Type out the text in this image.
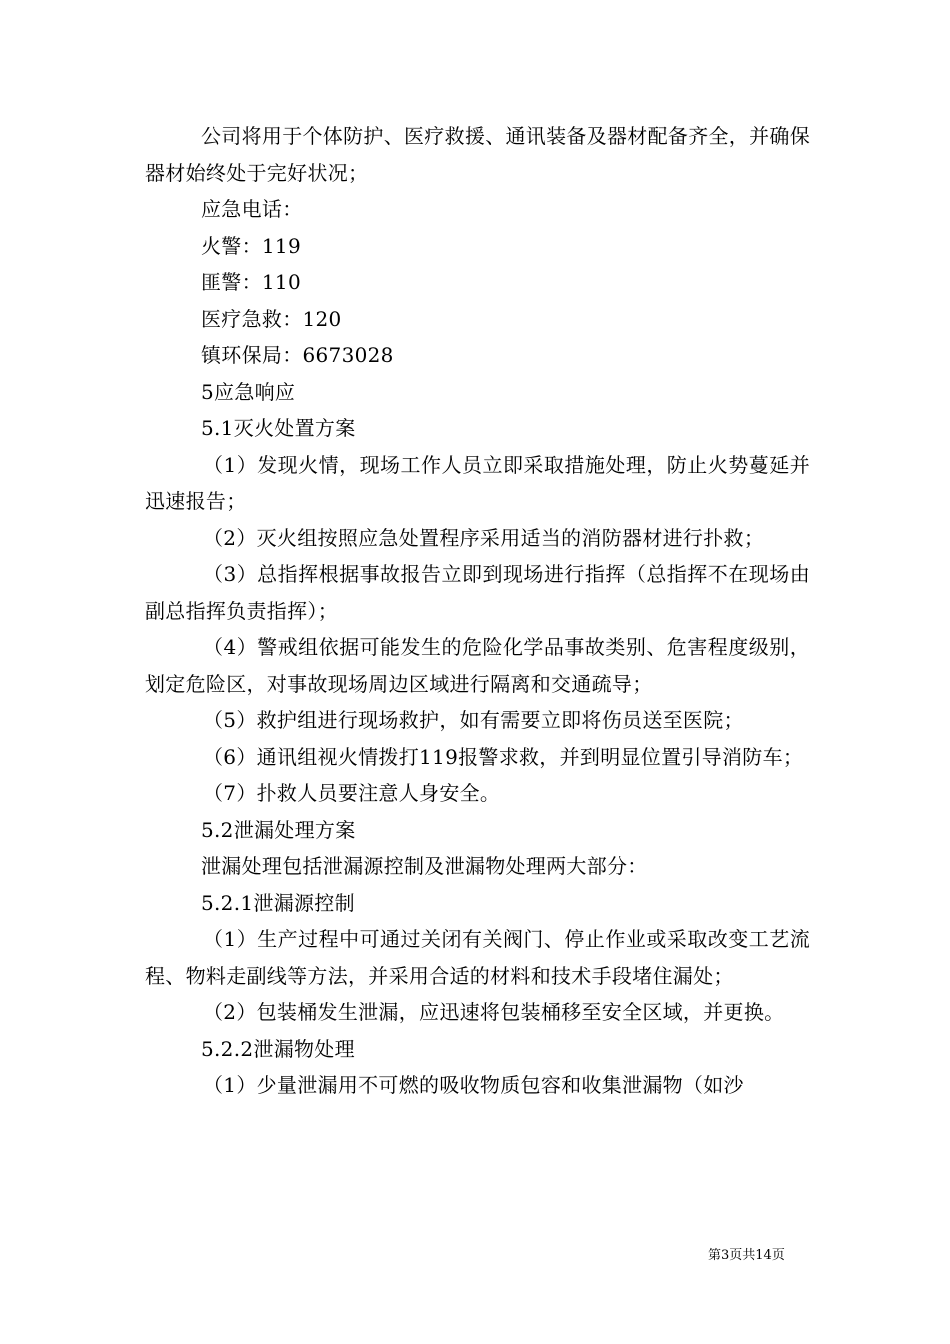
公司将用于个体防护、医疗救援、通讯装备及器材配备齐全，并确保器材始终处于完好状况；

应急电话：

火警：119

匪警：110

医疗急救：120

镇环保局：6673028

5应急响应

5.1灭火处置方案

（1）发现火情，现场工作人员立即采取措施处理，防止火势蔓延并迅速报告；

（2）灭火组按照应急处置程序采用适当的消防器材进行扑救；

（3）总指挥根据事故报告立即到现场进行指挥（总指挥不在现场由副总指挥负责指挥）；

（4）警戒组依据可能发生的危险化学品事故类别、危害程度级别，划定危险区，对事故现场周边区域进行隔离和交通疏导；

（5）救护组进行现场救护，如有需要立即将伤员送至医院；

（6）通讯组视火情拨打119报警求救，并到明显位置引导消防车；

（7）扑救人员要注意人身安全。

5.2泄漏处理方案

泄漏处理包括泄漏源控制及泄漏物处理两大部分：

5.2.1泄漏源控制

（1）生产过程中可通过关闭有关阀门、停止作业或采取改变工艺流程、物料走副线等方法，并采用合适的材料和技术手段堵住漏处；

（2）包装桶发生泄漏，应迅速将包装桶移至安全区域，并更换。

5.2.2泄漏物处理

（1）少量泄漏用不可燃的吸收物质包容和收集泄漏物（如沙

第3页共14页
